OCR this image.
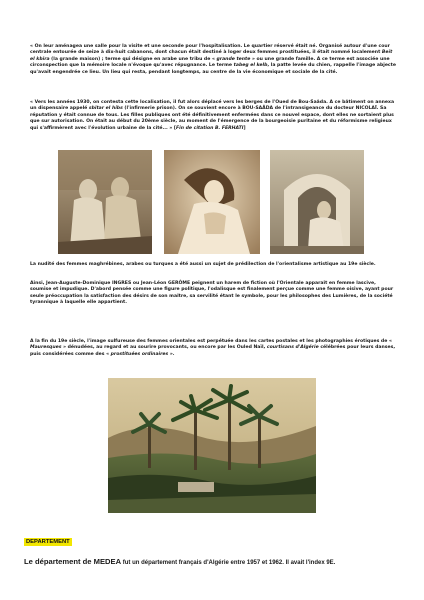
« On leur aménagea une salle pour la visite et une seconde pour l'hospitalisation. Le quartier réservé était né. Organisé autour d'une cour centrale entourée de seize à dix-huit cabanons, dont chacun était destiné à loger deux femmes prostituées, il était nommé localement Beït el kbira (la grande maison) ; terme qui désigne en arabe une tribu de « grande tente » ou une grande famille. A ce terme est associée une circonspection que la mémoire locale n'évoque qu'avec répugnance. Le terme tabeg el kelb, la patte levée du chien, rappelle l'image abjecte qu'avait engendrée ce lieu. Un lieu qui resta, pendant longtemps, au centre de la vie économique et sociale de la cité.

« Vers les années 1930, on contesta cette localisation, il fut alors déplacé vers les berges de l'Oued de Bou-Saâda. A ce bâtiment on annexa un dispensaire appelé sbitar el hibs (l'infirmerie prison). On se souvient encore à BOU-SAÂDA de l'intransigeance du docteur NICOLAÏ. Sa réputation y était connue de tous. Les filles publiques ont été définitivement enfermées dans ce nouvel espace, dont elles ne sortaient plus que sur autorisation. On était au début du 20ème siècle, au moment de l'émergence de la bourgeoisie puritaine et du réformisme religieux qui s'affirmèrent avec l'évolution urbaine de la cité... » [Fin de citation B. FERHATI]

La nudité des femmes maghrébines, arabes ou turques a été aussi un sujet de prédilection de l'orientalisme artistique au 19e siècle.

Ainsi, Jean-Auguste-Dominique INGRES ou Jean-Léon GERÔME peignent un harem de fiction où l'Orientale apparaît en femme lascive, soumise et impudique. D'abord pensée comme une figure politique, l'odalisque est finalement perçue comme une femme oisive, ayant pour seule préoccupation la satisfaction des désirs de son maître, sa servilité étant le symbole, pour les philosophes des Lumières, de la société tyrannique à laquelle elle appartient.

A la fin du 19e siècle, l'image sulfureuse des femmes orientales est perpétuée dans les cartes postales et les photographies érotiques de « Mauresques » dénudées, au regard et au sourire provocants, ou encore par les Ouled Naïl, courtisans d'Algérie célébrées pour leurs danses, puis considérées comme des « prostituées ordinaires ».

DEPARTEMENT
Le département de MEDEA fut un département français d'Algérie entre 1957 et 1962. Il avait l'index 9E.
